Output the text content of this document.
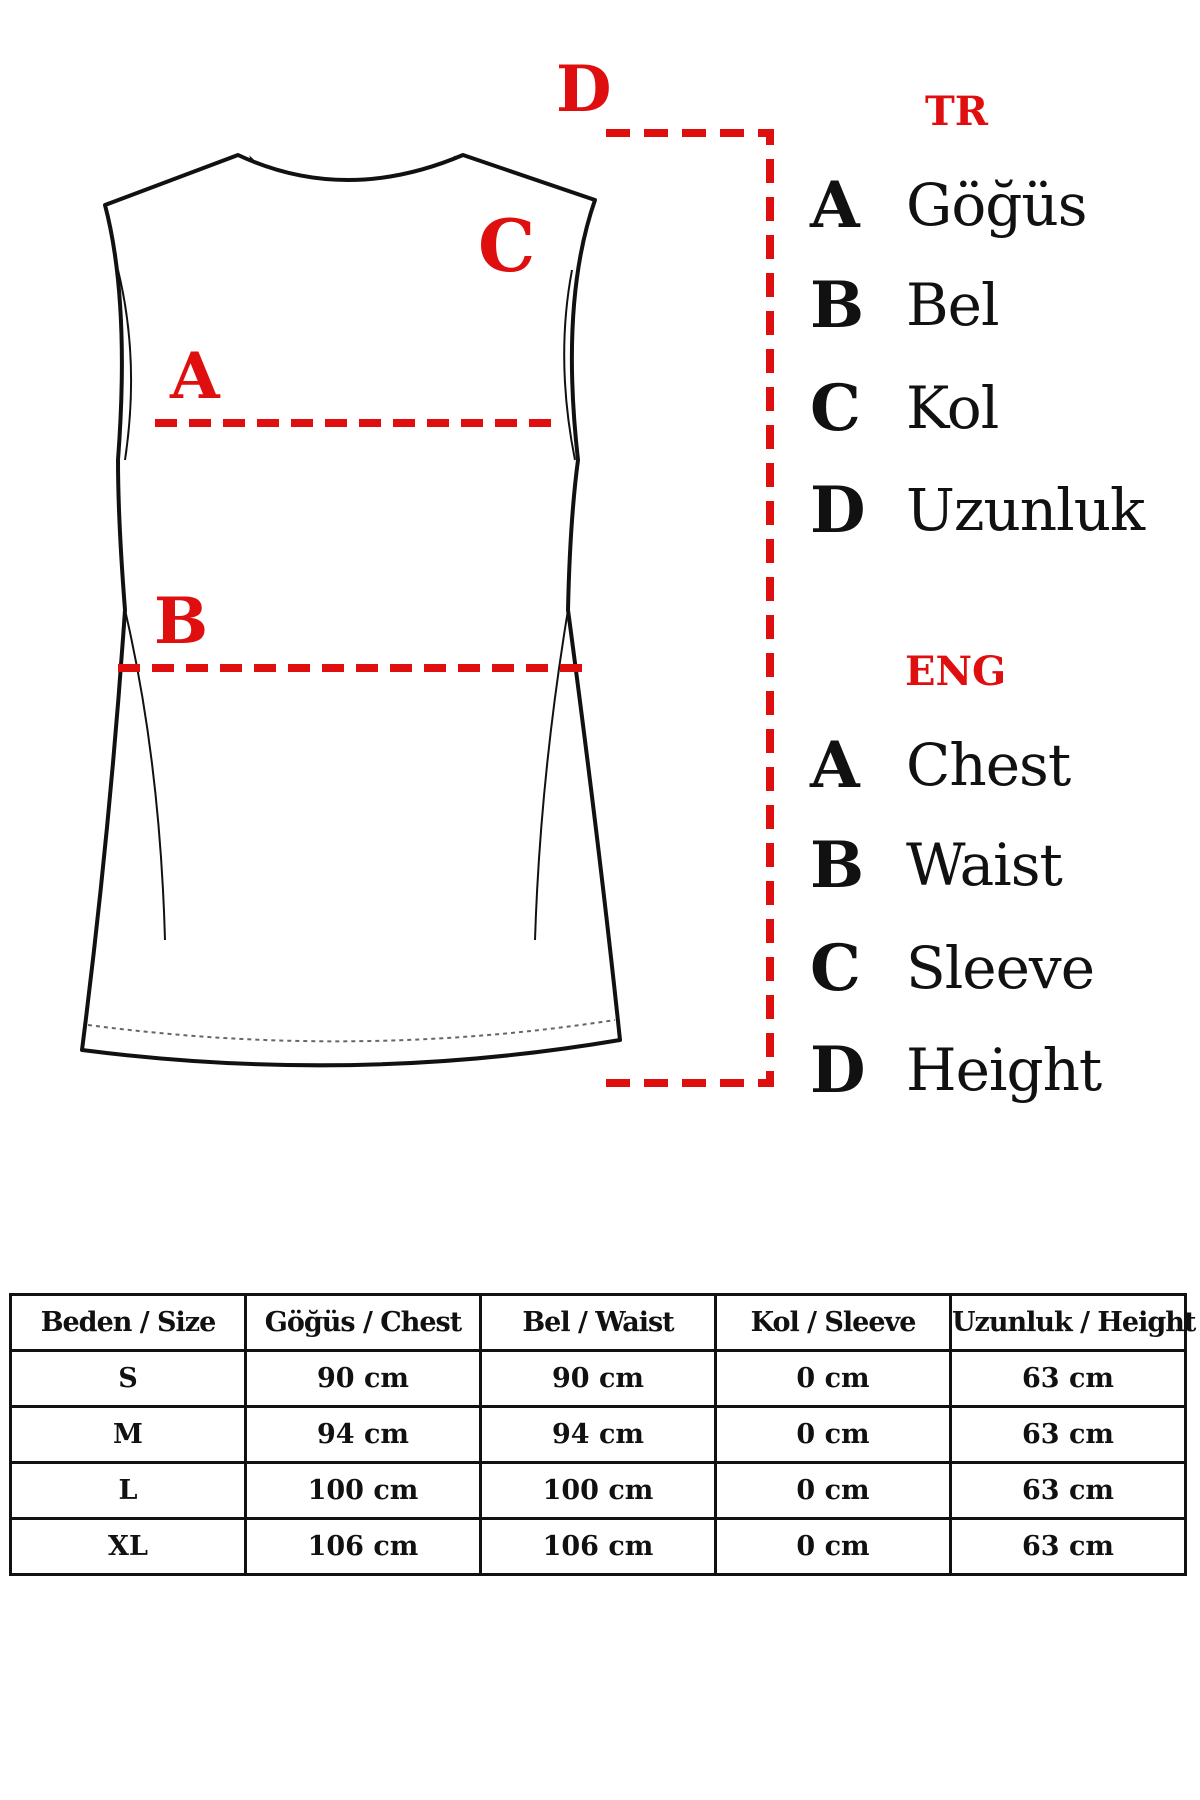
D
C
A
B
TR
A Göğüs
B Bel
C Kol
D Uzunluk
ENG
A Chest
B Waist
C Sleeve
D Height
Beden / Size	Göğüs / Chest	Bel / Waist	Kol / Sleeve	Uzunluk / Height
S	90 cm	90 cm	0 cm	63 cm
M	94 cm	94 cm	0 cm	63 cm
L	100 cm	100 cm	0 cm	63 cm
XL	106 cm	106 cm	0 cm	63 cm
